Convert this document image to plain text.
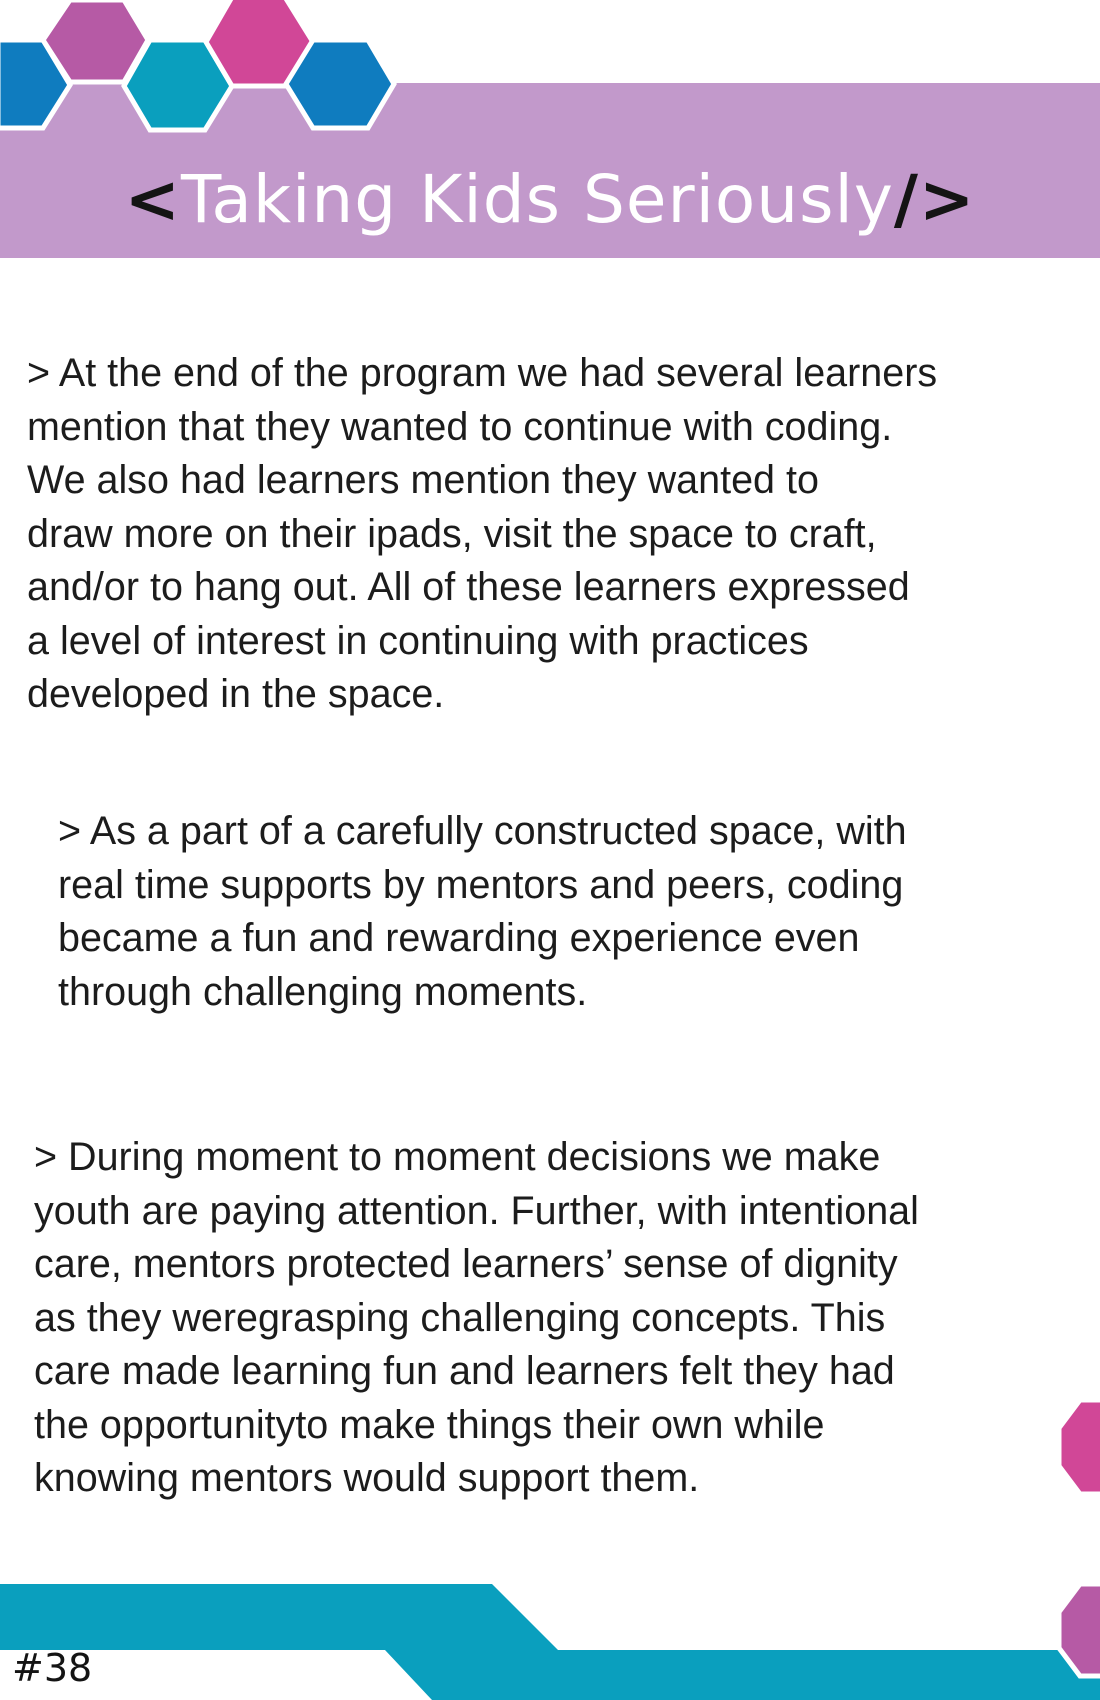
<Taking Kids Seriously/>

> At the end of the program we had several learners
mention that they wanted to continue with coding.
We also had learners mention they wanted to
draw more on their ipads, visit the space to craft,
and/or to hang out. All of these learners expressed
a level of interest in continuing with practices
developed in the space.

> As a part of a carefully constructed space, with
real time supports by mentors and peers, coding
became a fun and rewarding experience even
through challenging moments.

> During moment to moment decisions we make
youth are paying attention. Further, with intentional
care, mentors protected learners’ sense of dignity
as they weregrasping challenging concepts. This
care made learning fun and learners felt they had
the opportunityto make things their own while
knowing mentors would support them.

#38
